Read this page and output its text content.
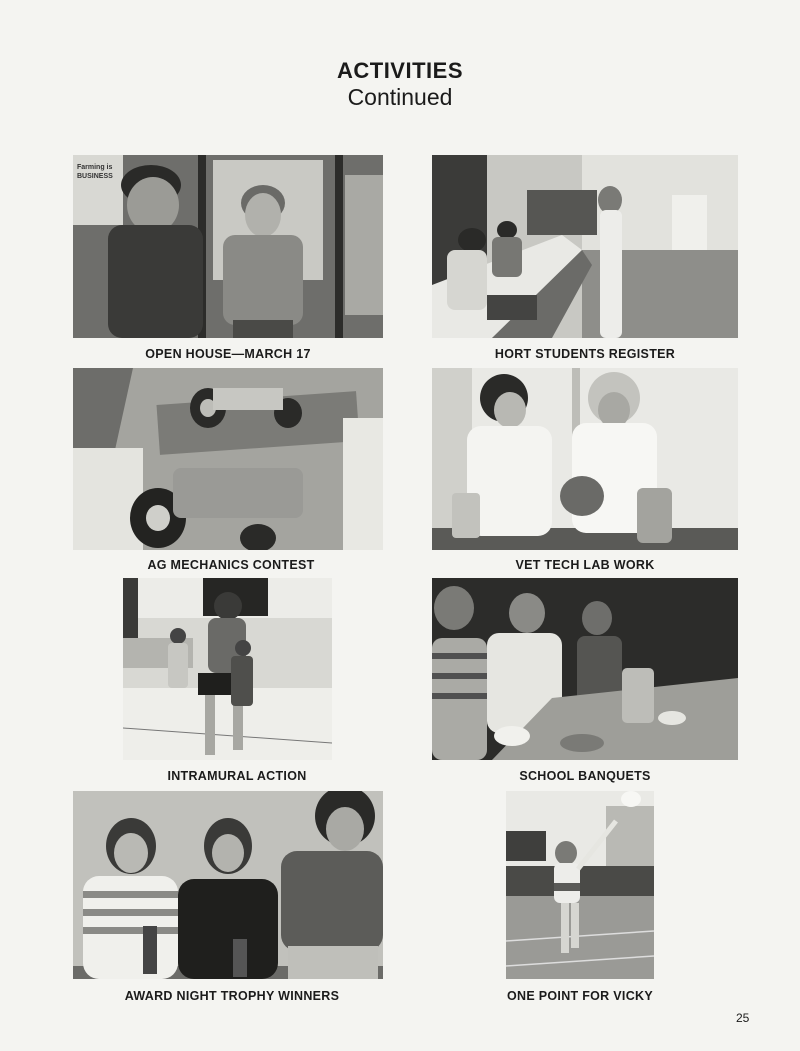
ACTIVITIES
Continued
Farming is BUSINESS
OPEN HOUSE—MARCH 17	HORT STUDENTS REGISTER
AG MECHANICS CONTEST	VET TECH LAB WORK
INTRAMURAL ACTION	SCHOOL BANQUETS
AWARD NIGHT TROPHY WINNERS	ONE POINT FOR VICKY
25
